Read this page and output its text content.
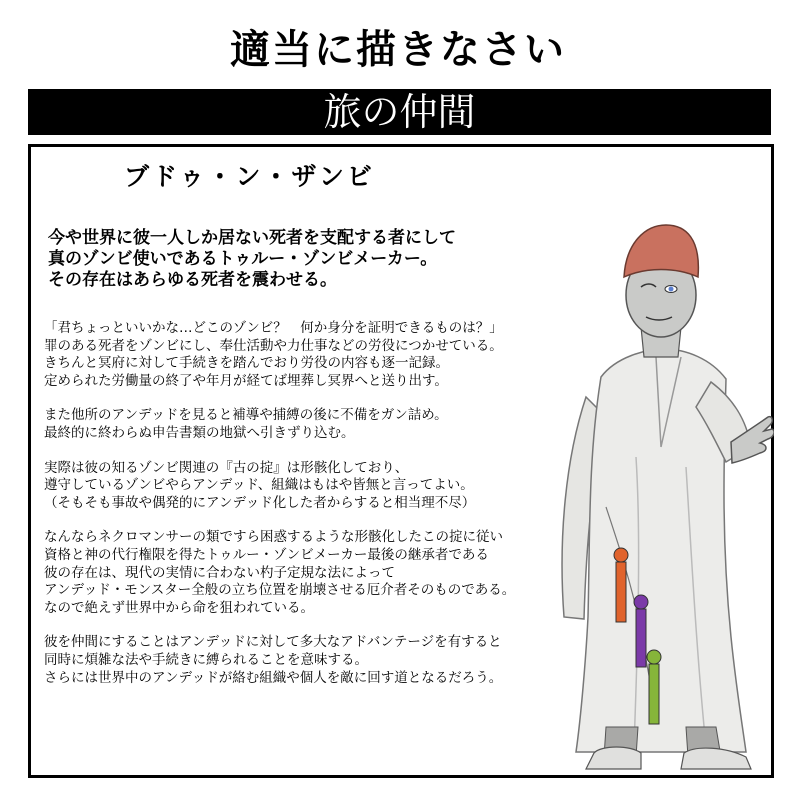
適当に描きなさい
旅の仲間
ブドゥ・ン・ザンビ
今や世界に彼一人しか居ない死者を支配する者にして
真のゾンビ使いであるトゥルー・ゾンビメーカー。
その存在はあらゆる死者を震わせる。
「君ちょっといいかな…どこのゾンビ？　何か身分を証明できるものは？」
罪のある死者をゾンビにし、奉仕活動や力仕事などの労役につかせている。
きちんと冥府に対して手続きを踏んでおり労役の内容も逐一記録。
定められた労働量の終了や年月が経てば埋葬し冥界へと送り出す。
また他所のアンデッドを見ると補導や捕縛の後に不備をガン詰め。
最終的に終わらぬ申告書類の地獄へ引きずり込む。
実際は彼の知るゾンビ関連の『古の掟』は形骸化しており、
遵守しているゾンビやらアンデッド、組織はもはや皆無と言ってよい。
（そもそも事故や偶発的にアンデッド化した者からすると相当理不尽）
なんならネクロマンサーの類ですら困惑するような形骸化したこの掟に従い
資格と神の代行権限を得たトゥルー・ゾンビメーカー最後の継承者である
彼の存在は、現代の実情に合わない杓子定規な法によって
アンデッド・モンスター全般の立ち位置を崩壊させる厄介者そのものである。
なので絶えず世界中から命を狙われている。
彼を仲間にすることはアンデッドに対して多大なアドバンテージを有すると
同時に煩雑な法や手続きに縛られることを意味する。
さらには世界中のアンデッドが絡む組織や個人を敵に回す道となるだろう。
